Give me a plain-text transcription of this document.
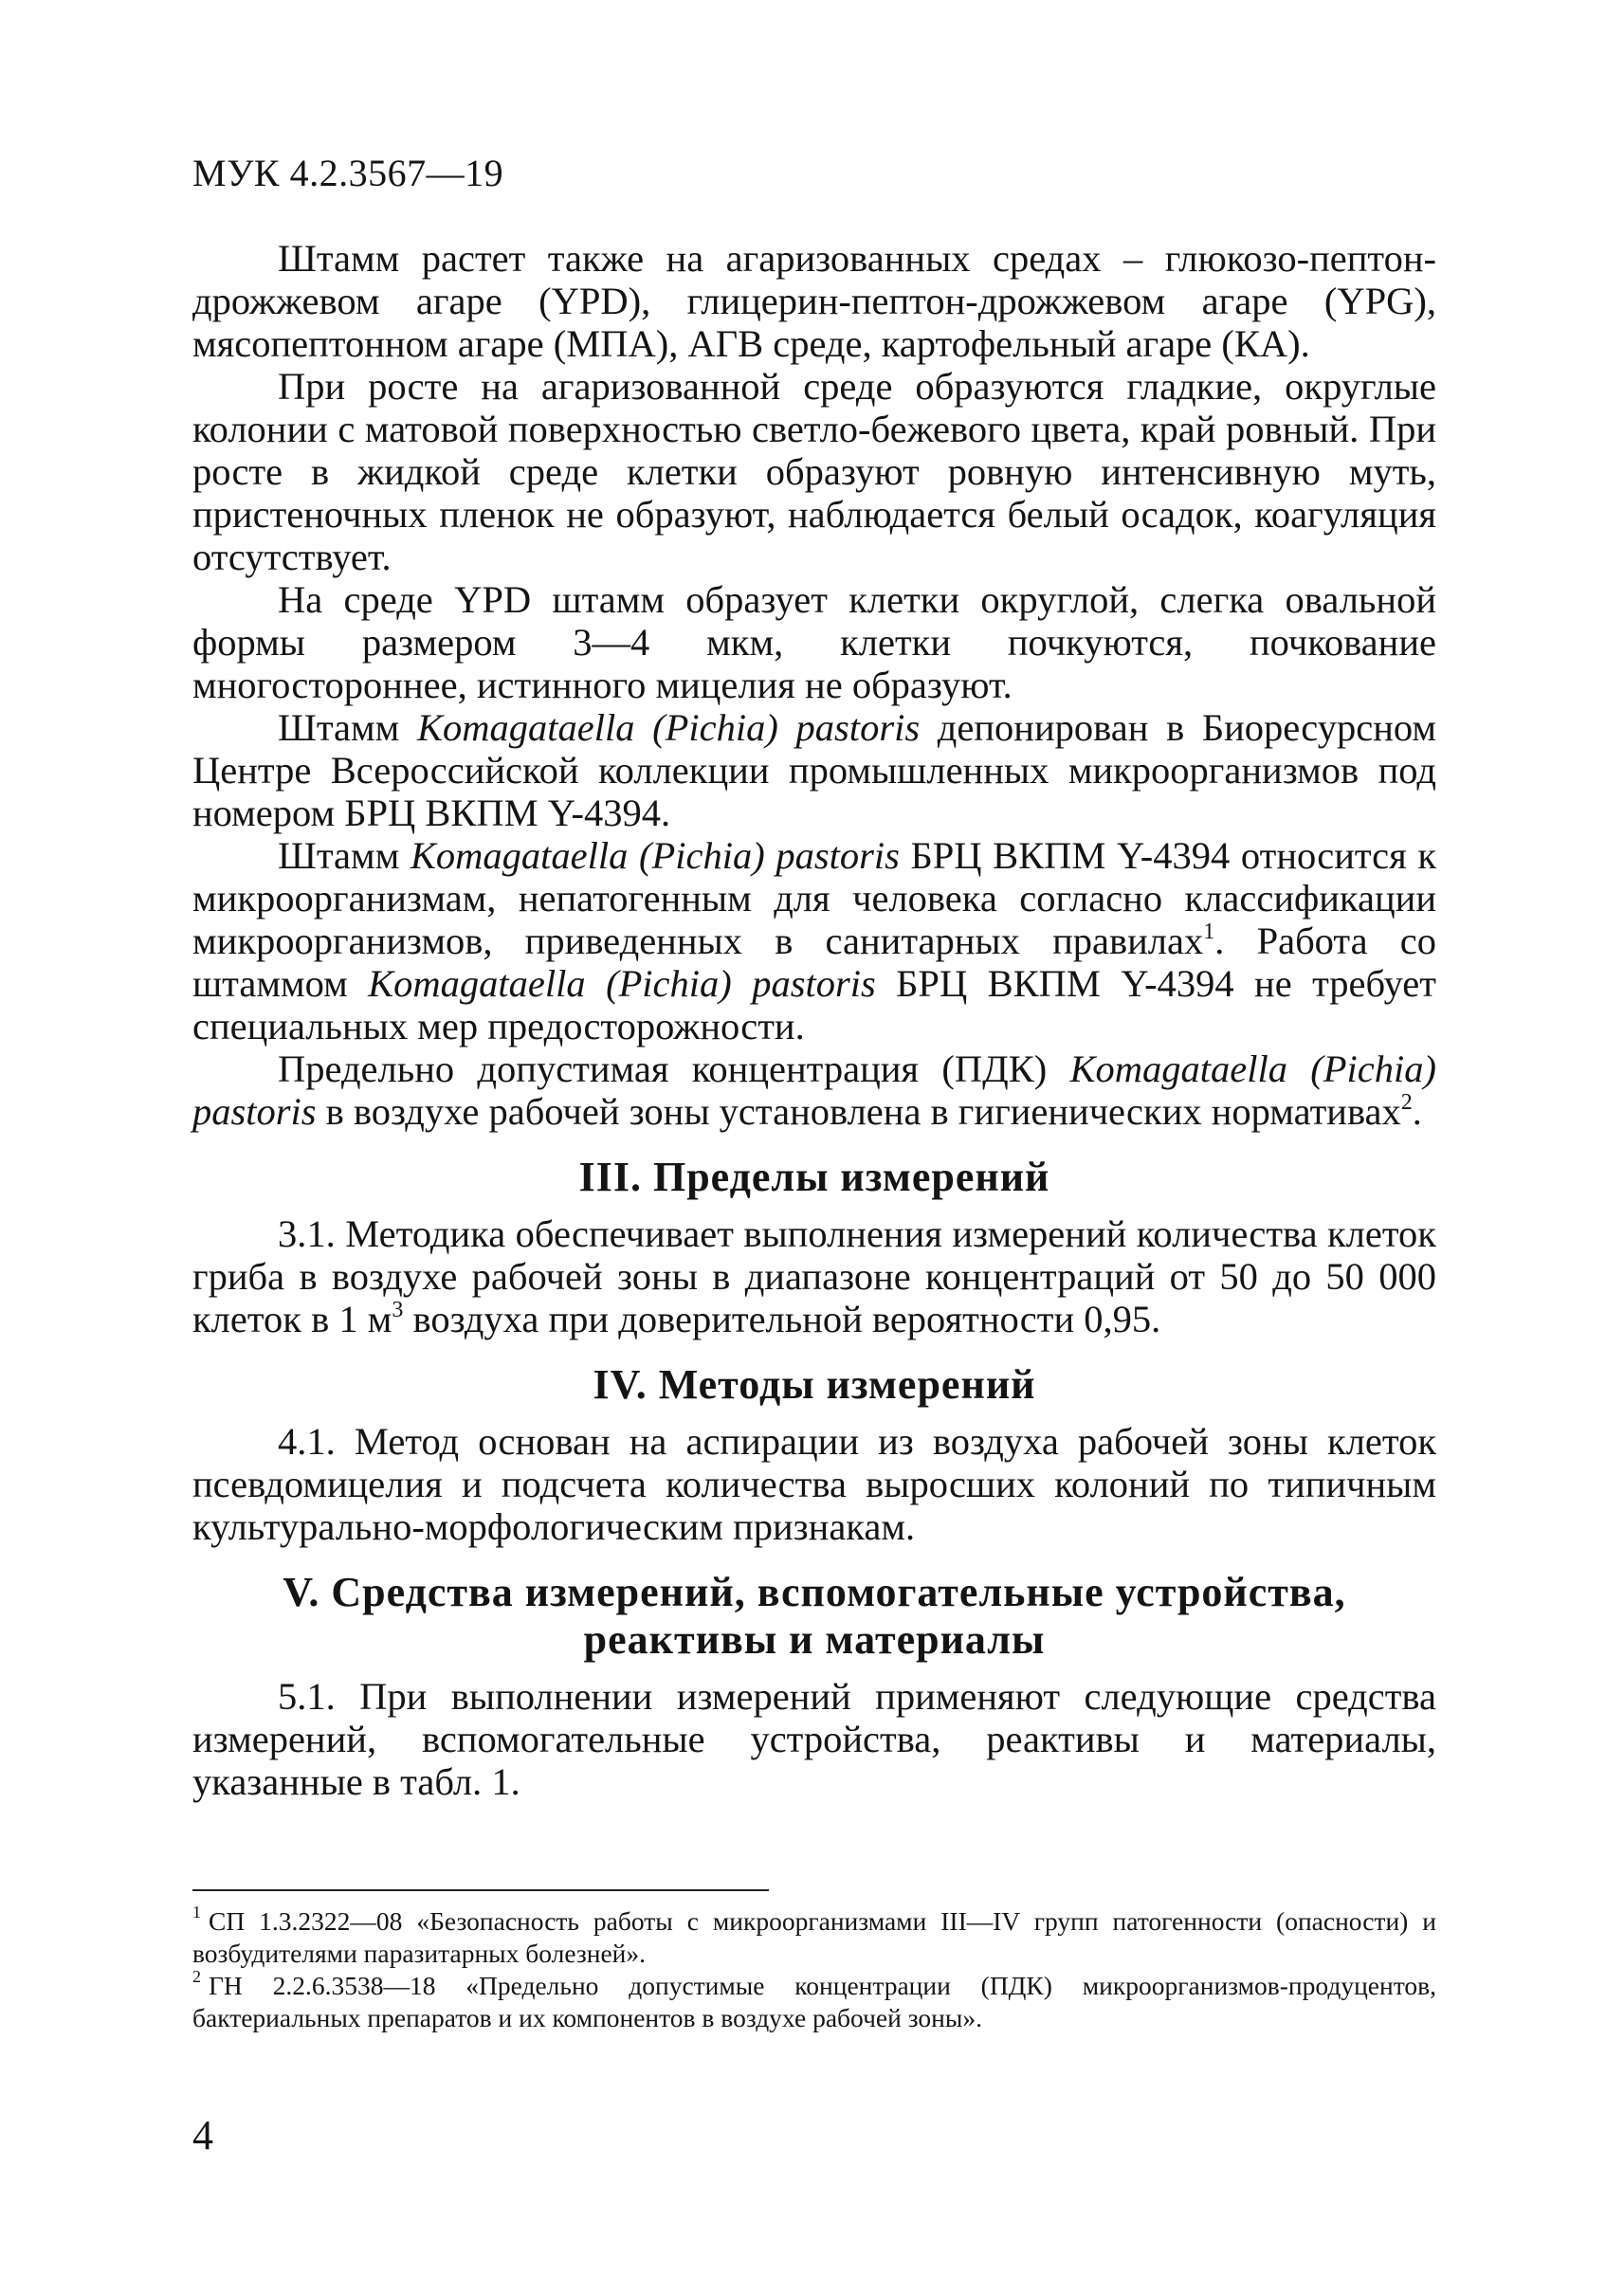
МУК 4.2.3567—19

Штамм растет также на агаризованных средах – глюкозо-пептон-дрожжевом агаре (YPD), глицерин-пептон-дрожжевом агаре (YPG), мясопептонном агаре (МПА), АГВ среде, картофельный агаре (КА).

При росте на агаризованной среде образуются гладкие, округлые колонии с матовой поверхностью светло-бежевого цвета, край ровный. При росте в жидкой среде клетки образуют ровную интенсивную муть, пристеночных пленок не образуют, наблюдается белый осадок, коагуляция отсутствует.

На среде YPD штамм образует клетки округлой, слегка овальной формы размером 3—4 мкм, клетки почкуются, почкование многостороннее, истинного мицелия не образуют.

Штамм Komagataella (Pichia) pastoris депонирован в Биоресурсном Центре Всероссийской коллекции промышленных микроорганизмов под номером БРЦ ВКПМ Y-4394.

Штамм Komagataella (Pichia) pastoris БРЦ ВКПМ Y-4394 относится к микроорганизмам, непатогенным для человека согласно классификации микроорганизмов, приведенных в санитарных правилах$^1$. Работа со штаммом Komagataella (Pichia) pastoris БРЦ ВКПМ Y-4394 не требует специальных мер предосторожности.

Предельно допустимая концентрация (ПДК) Komagataella (Pichia) pastoris в воздухе рабочей зоны установлена в гигиенических нормативах$^2$.

III. Пределы измерений

3.1. Методика обеспечивает выполнения измерений количества клеток гриба в воздухе рабочей зоны в диапазоне концентраций от 50 до 50 000 клеток в 1 $м^3$ воздуха при доверительной вероятности 0,95.

IV. Методы измерений

4.1. Метод основан на аспирации из воздуха рабочей зоны клеток псевдомицелия и подсчета количества выросших колоний по типичным культурально-морфологическим признакам.

V. Средства измерений, вспомогательные устройства,
реактивы и материалы

5.1. При выполнении измерений применяют следующие средства измерений, вспомогательные устройства, реактивы и материалы, указанные в табл. 1.

$^1$ СП 1.3.2322—08 «Безопасность работы с микроорганизмами III—IV групп патогенности (опасности) и возбудителями паразитарных болезней».

$^2$ ГН 2.2.6.3538—18 «Предельно допустимые концентрации (ПДК) микроорганизмов-продуцентов, бактериальных препаратов и их компонентов в воздухе рабочей зоны».

4
